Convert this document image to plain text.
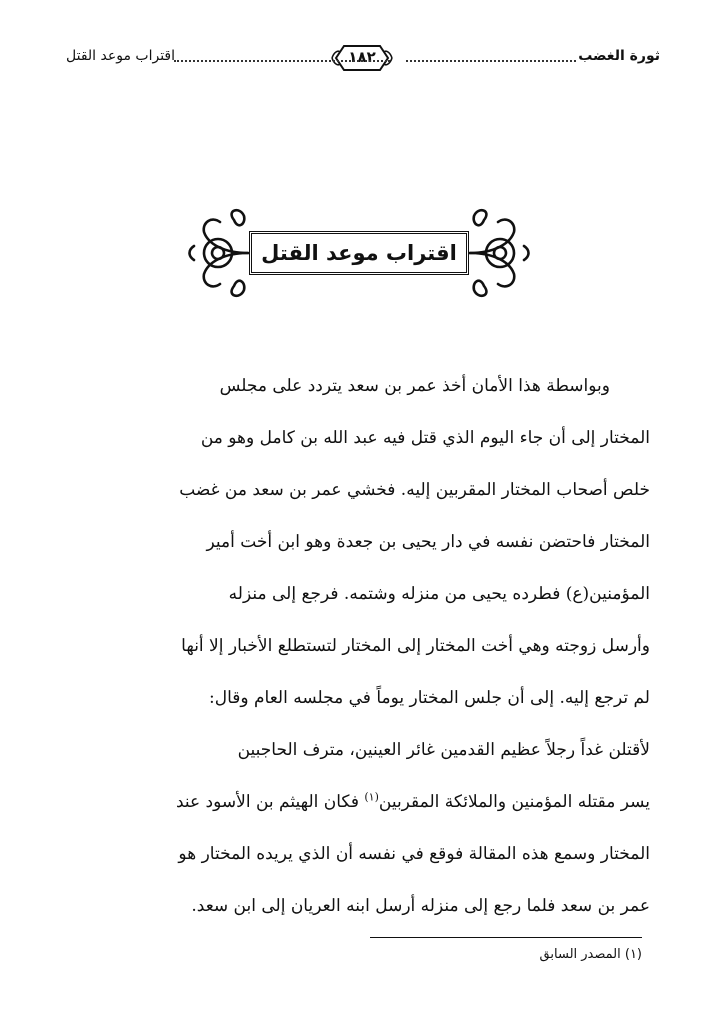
ثورة الغضب
١٨٢
اقتراب موعد القتل
اقتراب موعد القتل
وبواسطة هذا الأمان أخذ عمر بن سعد يتردد على مجلس
المختار إلى أن جاء اليوم الذي قتل فيه عبد الله بن كامل وهو من
خلص أصحاب المختار المقربين إليه. فخشي عمر بن سعد من غضب
المختار فاحتضن نفسه في دار يحيى بن جعدة وهو ابن أخت أمير
المؤمنين(ع) فطرده يحيى من منزله وشتمه. فرجع إلى منزله
وأرسل زوجته وهي أخت المختار إلى المختار لتستطلع الأخبار إلا أنها
لم ترجع إليه. إلى أن جلس المختار يوماً في مجلسه العام وقال:
لأقتلن غداً رجلاً عظيم القدمين غائر العينين، مترف الحاجبين
يسر مقتله المؤمنين والملائكة المقربين$^{(١)}$ فكان الهيثم بن الأسود عند
المختار وسمع هذه المقالة فوقع في نفسه أن الذي يريده المختار هو
عمر بن سعد فلما رجع إلى منزله أرسل ابنه العريان إلى ابن سعد.
(١) المصدر السابق
